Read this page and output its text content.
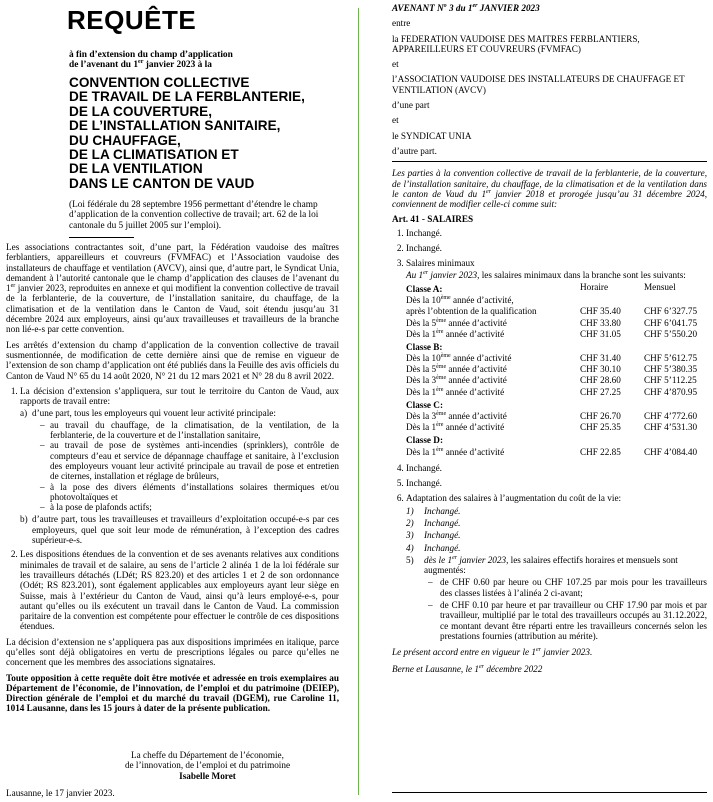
REQUÊTE
à fin d’extension du champ d’application
de l’avenant du 1er janvier 2023 à la
CONVENTION COLLECTIVE
DE TRAVAIL DE LA FERBLANTERIE,
DE LA COUVERTURE,
DE L’INSTALLATION SANITAIRE,
DU CHAUFFAGE,
DE LA CLIMATISATION ET
DE LA VENTILATION
DANS LE CANTON DE VAUD
(Loi fédérale du 28 septembre 1956 permettant d’étendre le champ d’application de la convention collective de travail; art. 62 de la loi cantonale du 5 juillet 2005 sur l’emploi).

Les associations contractantes soit, d’une part, la Fédération vaudoise des maîtres ferblantiers, appareilleurs et couvreurs (FVMFAC) et l’Association vaudoise des installateurs de chauffage et ventilation (AVCV), ainsi que, d’autre part, le Syndicat Unia, demandent à l’autorité cantonale que le champ d’application des clauses de l’avenant du 1er janvier 2023, reproduites en annexe et qui modifient la convention collective de travail de la ferblanterie, de la couverture, de l’installation sanitaire, du chauffage, de la climatisation et de la ventilation dans le Canton de Vaud, soit étendu jusqu’au 31 décembre 2024 aux employeurs, ainsi qu’aux travailleuses et travailleurs de la branche non lié-e-s par cette convention.

Les arrêtés d’extension du champ d’application de la convention collective de travail susmentionnée, de modification de cette dernière ainsi que de remise en vigueur de l’extension de son champ d’application ont été publiés dans la Feuille des avis officiels du Canton de Vaud N° 65 du 14 août 2020, N° 21 du 12 mars 2021 et N° 28 du 8 avril 2022.

1. La décision d’extension s’appliquera, sur tout le territoire du Canton de Vaud, aux rapports de travail entre:
a) d’une part, tous les employeurs qui vouent leur activité principale:
– au travail du chauffage, de la climatisation, de la ventilation, de la ferblanterie, de la couverture et de l’installation sanitaire,
– au travail de pose de systèmes anti-incendies (sprinklers), contrôle de compteurs d’eau et service de dépannage chauffage et sanitaire, à l’exclusion des employeurs vouant leur activité principale au travail de pose et entretien de citernes, installation et réglage de brûleurs,
– à la pose des divers éléments d’installations solaires thermiques et/ou photovoltaïques et
– à la pose de plafonds actifs;
b) d’autre part, tous les travailleuses et travailleurs d’exploitation occupé-e-s par ces employeurs, quel que soit leur mode de rémunération, à l’exception des cadres supérieur-e-s.
2. Les dispositions étendues de la convention et de ses avenants relatives aux conditions minimales de travail et de salaire, au sens de l’article 2 alinéa 1 de la loi fédérale sur les travailleurs détachés (LDét; RS 823.20) et des articles 1 et 2 de son ordonnance (Odét; RS 823.201), sont également applicables aux employeurs ayant leur siège en Suisse, mais à l’extérieur du Canton de Vaud, ainsi qu’à leurs employé-e-s, pour autant qu’elles ou ils exécutent un travail dans le Canton de Vaud. La commission paritaire de la convention est compétente pour effectuer le contrôle de ces dispositions étendues.

La décision d’extension ne s’appliquera pas aux dispositions imprimées en italique, parce qu’elles sont déjà obligatoires en vertu de prescriptions légales ou parce qu’elles ne concernent que les membres des associations signataires.

Toute opposition à cette requête doit être motivée et adressée en trois exemplaires au Département de l’économie, de l’innovation, de l’emploi et du patrimoine (DEIEP), Direction générale de l’emploi et du marché du travail (DGEM), rue Caroline 11, 1014 Lausanne, dans les 15 jours à dater de la présente publication.

La cheffe du Département de l’économie,
de l’innovation, de l’emploi et du patrimoine
Isabelle Moret
Lausanne, le 17 janvier 2023.

AVENANT $N^o$ 3 du 1er JANVIER 2023

entre

la FEDERATION VAUDOISE DES MAITRES FERBLANTIERS, APPAREILLEURS ET COUVREURS (FVMFAC)

et

l’ASSOCIATION VAUDOISE DES INSTALLATEURS DE CHAUFFAGE ET VENTILATION (AVCV)

d’une part

et

le SYNDICAT UNIA

d’autre part.

Les parties à la convention collective de travail de la ferblanterie, de la couverture, de l’installation sanitaire, du chauffage, de la climatisation et de la ventilation dans le canton de Vaud du 1er janvier 2018 et prorogée jusqu’au 31 décembre 2024, conviennent de modifier celle-ci comme suit:

Art. 41 - SALAIRES

1. Inchangé.
2. Inchangé.
3. Salaires minimaux
Au 1er janvier 2023, les salaires minimaux dans la branche sont les suivants:
Classe A:	Horaire	Mensuel
Dès la 10ème année d’activité,		
après l’obtention de la qualification	CHF 35.40	CHF 6’327.75
Dès la 5ème année d’activité	CHF 33.80	CHF 6’041.75
Dès la 1ère année d’activité	CHF 31.05	CHF 5’550.20
Classe B:		
Dès la 10ème année d’activité	CHF 31.40	CHF 5’612.75
Dès la 5ème année d’activité	CHF 30.10	CHF 5’380.35
Dès la 3ème année d’activité	CHF 28.60	CHF 5’112.25
Dès la 1ère année d’activité	CHF 27.25	CHF 4’870.95
Classe C:		
Dès la 3ème année d’activité	CHF 26.70	CHF 4’772.60
Dès la 1ère année d’activité	CHF 25.35	CHF 4’531.30
Classe D:		
Dès la 1ère année d’activité	CHF 22.85	CHF 4’084.40
4. Inchangé.
5. Inchangé.
6. Adaptation des salaires à l’augmentation du coût de la vie:
1) Inchangé.
2) Inchangé.
3) Inchangé.
4) Inchangé.
5) dès le 1er janvier 2023, les salaires effectifs horaires et mensuels sont augmentés:
– de CHF 0.60 par heure ou CHF 107.25 par mois pour les travailleurs des classes listées à l’alinéa 2 ci-avant;
– de CHF 0.10 par heure et par travailleur ou CHF 17.90 par mois et par travailleur, multiplié par le total des travailleurs occupés au 31.12.2022, ce montant devant être réparti entre les travailleurs concernés selon les prestations fournies (attribution au mérite).

Le présent accord entre en vigueur le 1er janvier 2023.

Berne et Lausanne, le 1er décembre 2022
